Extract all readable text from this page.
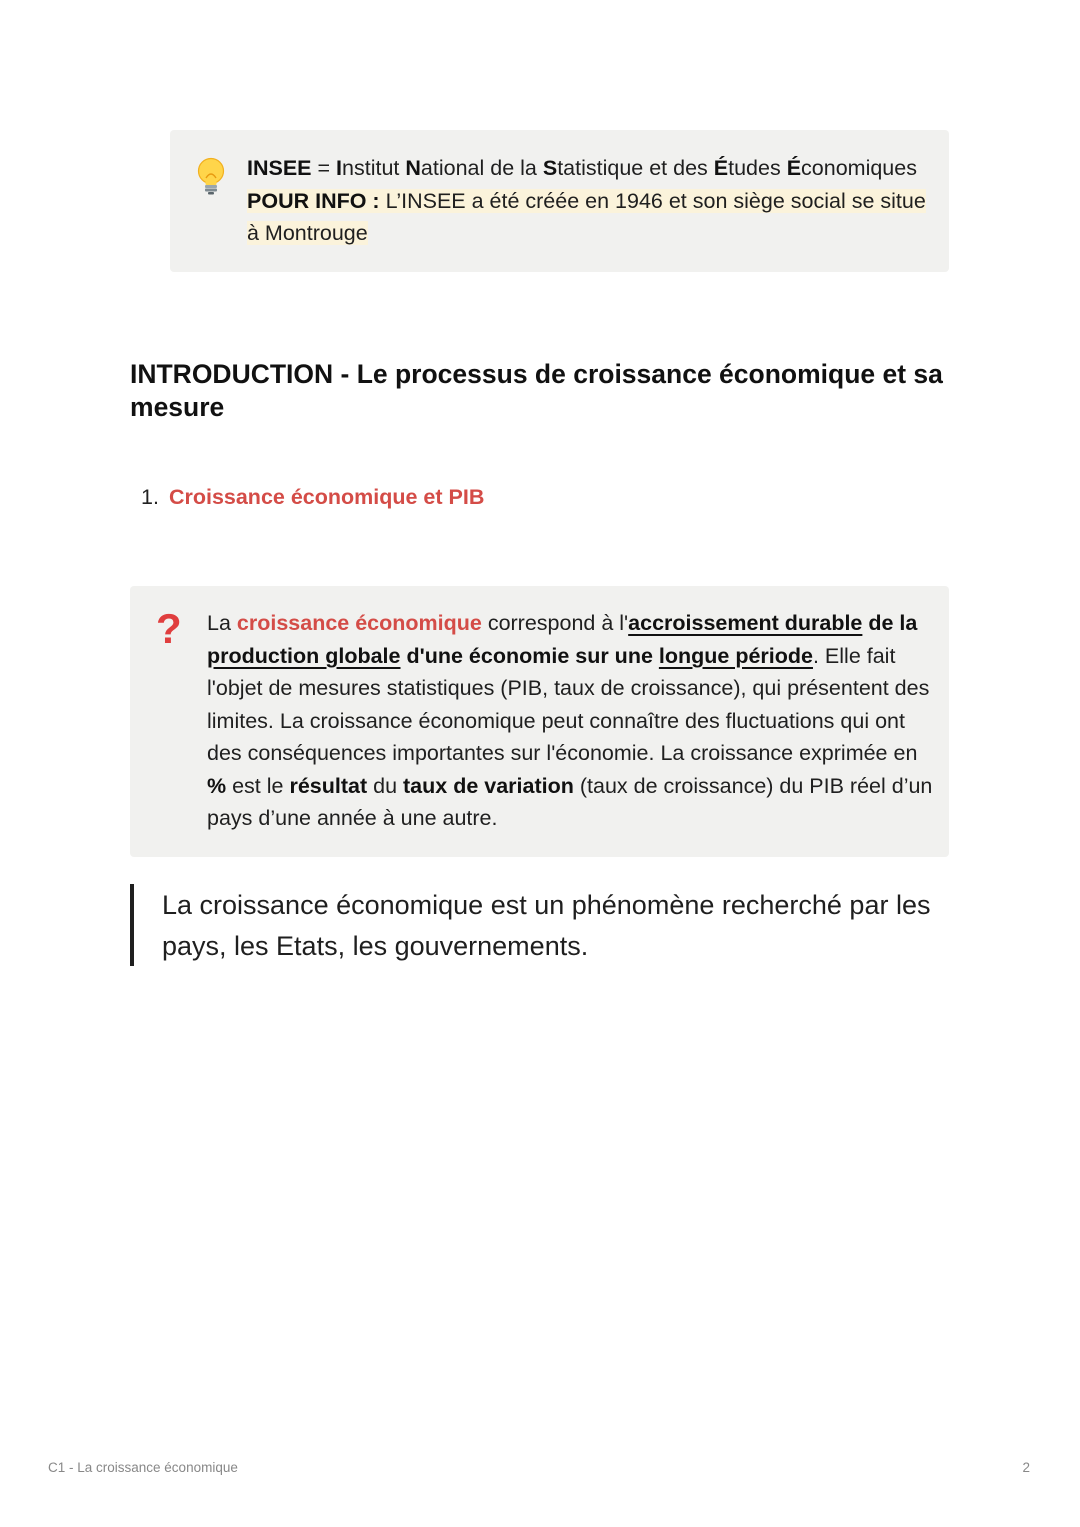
INSEE = Institut National de la Statistique et des Études Économiques
POUR INFO : L’INSEE a été créée en 1946 et son siège social se situe à Montrouge
INTRODUCTION - Le processus de croissance économique et sa mesure
1. Croissance économique et PIB
? La croissance économique correspond à l'accroissement durable de la production globale d'une économie sur une longue période. Elle fait l'objet de mesures statistiques (PIB, taux de croissance), qui présentent des limites. La croissance économique peut connaître des fluctuations qui ont des conséquences importantes sur l'économie. La croissance exprimée en % est le résultat du taux de variation (taux de croissance) du PIB réel d’un pays d’une année à une autre.
La croissance économique est un phénomène recherché par les pays, les Etats, les gouvernements.
C1 - La croissance économique	2
